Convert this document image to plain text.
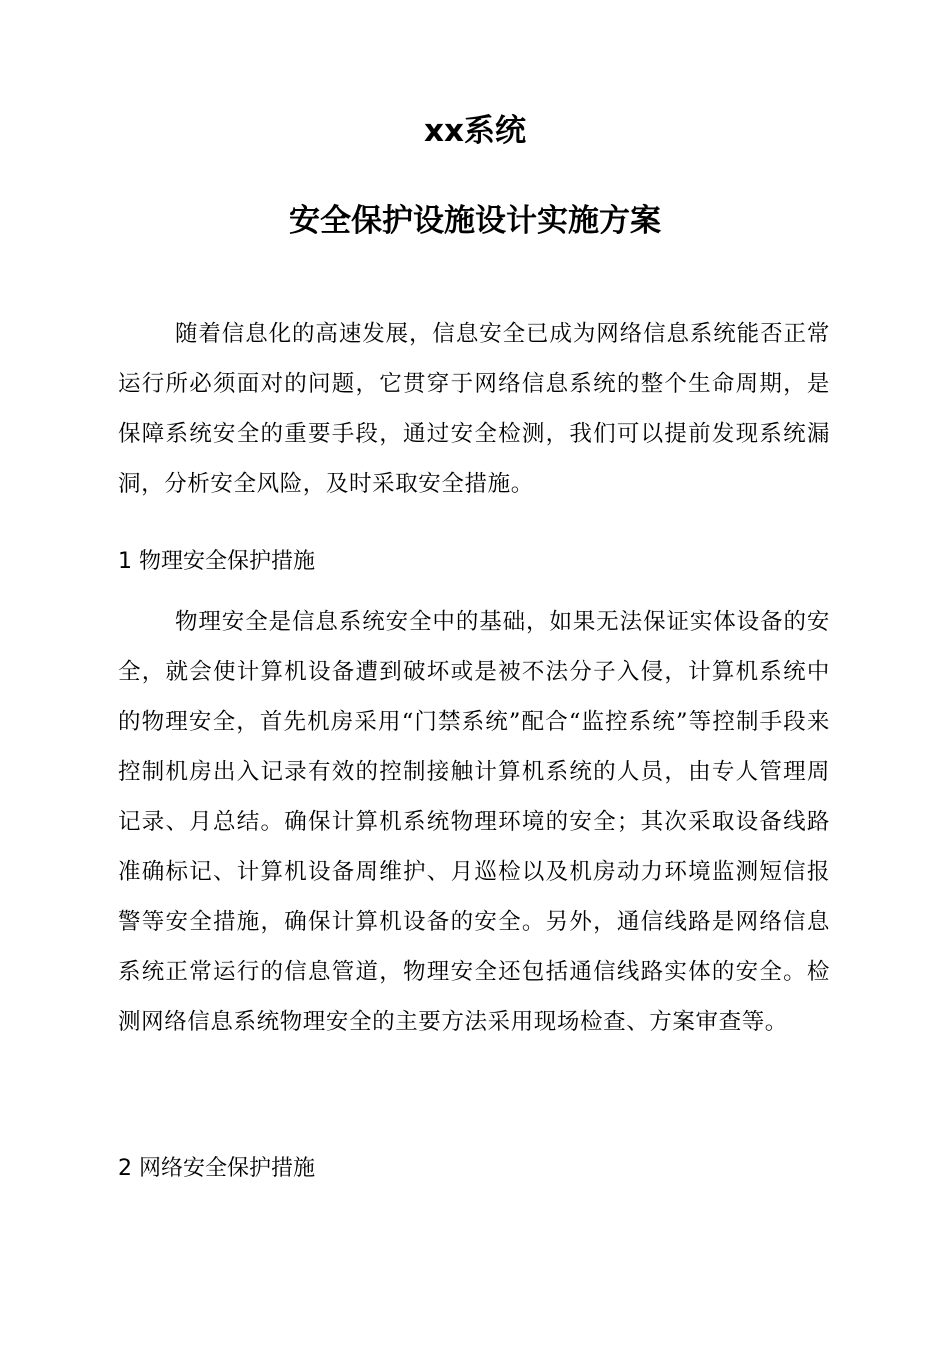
xx系统
安全保护设施设计实施方案

随着信息化的高速发展，信息安全已成为网络信息系统能否正常运行所必须面对的问题，它贯穿于网络信息系统的整个生命周期，是保障系统安全的重要手段，通过安全检测，我们可以提前发现系统漏洞，分析安全风险，及时采取安全措施。

1 物理安全保护措施

物理安全是信息系统安全中的基础，如果无法保证实体设备的安全，就会使计算机设备遭到破坏或是被不法分子入侵，计算机系统中的物理安全，首先机房采用“门禁系统”配合“监控系统”等控制手段来控制机房出入记录有效的控制接触计算机系统的人员，由专人管理周记录、月总结。确保计算机系统物理环境的安全；其次采取设备线路准确标记、计算机设备周维护、月巡检以及机房动力环境监测短信报警等安全措施，确保计算机设备的安全。另外，通信线路是网络信息系统正常运行的信息管道，物理安全还包括通信线路实体的安全。检测网络信息系统物理安全的主要方法采用现场检查、方案审查等。

2 网络安全保护措施
